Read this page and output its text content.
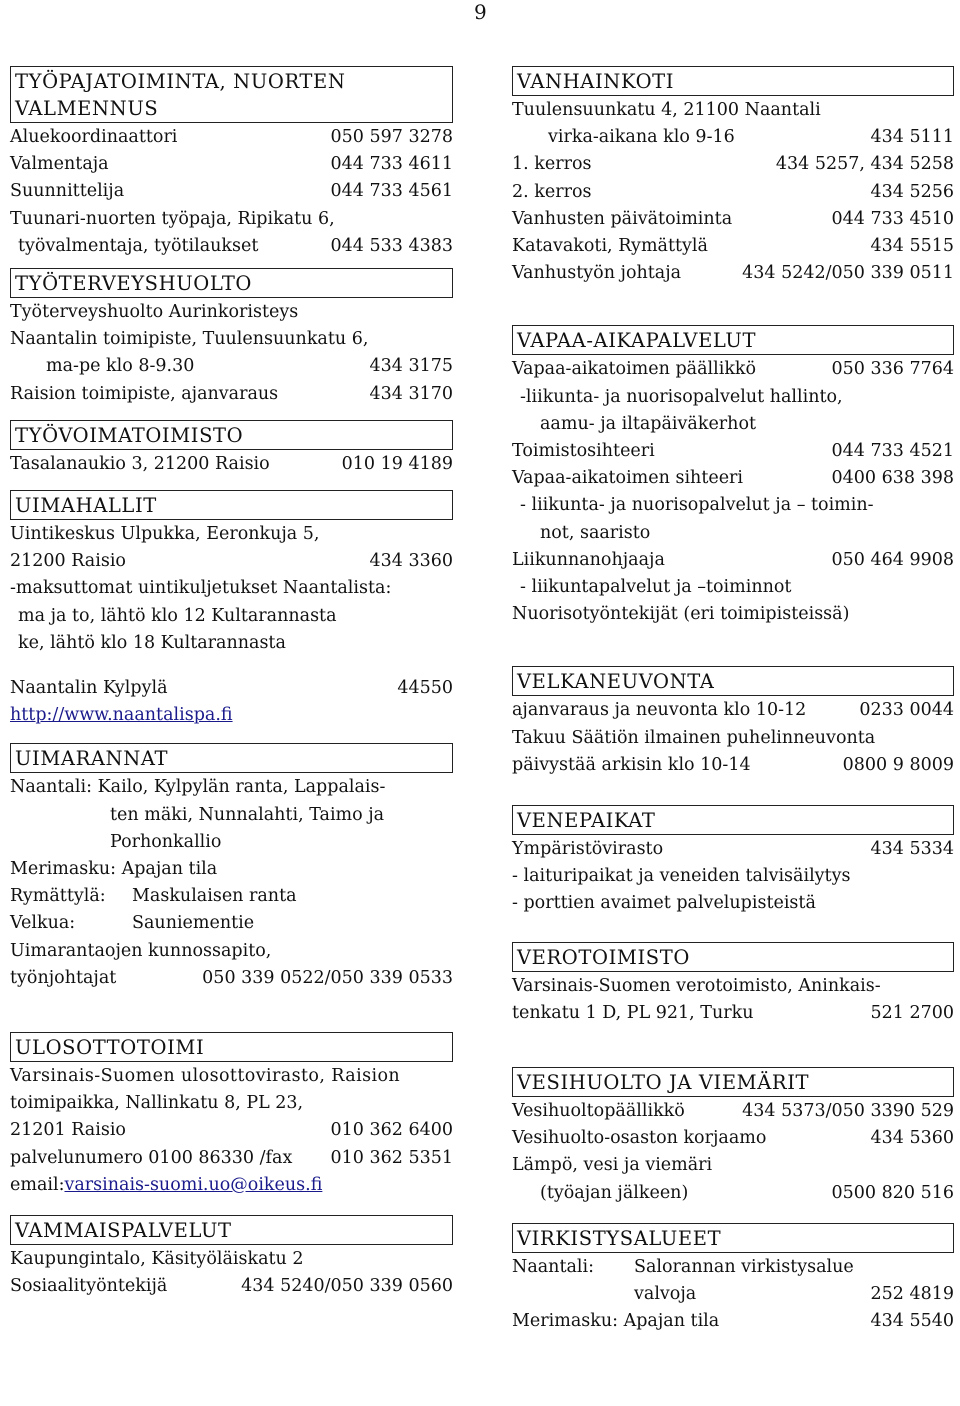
9
TYÖPAJATOIMINTA, NUORTEN
VALMENNUS
Aluekoordinaattori	050 597 3278
Valmentaja	044 733 4611
Suunnittelija	044 733 4561
Tuunari-nuorten työpaja, Ripikatu 6,
työvalmentaja, työtilaukset	044 533 4383
TYÖTERVEYSHUOLTO
Työterveyshuolto Aurinkoristeys
Naantalin toimipiste, Tuulensuunkatu 6,
ma-pe klo 8-9.30	434 3175
Raision toimipiste, ajanvaraus	434 3170
TYÖVOIMATOIMISTO
Tasalanaukio 3, 21200 Raisio	010 19 4189
UIMAHALLIT
Uintikeskus Ulpukka, Eeronkuja 5,
21200 Raisio	434 3360
-maksuttomat uintikuljetukset Naantalista:
ma ja to, lähtö klo 12 Kultarannasta
ke, lähtö klo 18 Kultarannasta
Naantalin Kylpylä	44550
http://www.naantalispa.fi
UIMARANNAT
Naantali: Kailo, Kylpylän ranta, Lappalais-
ten mäki, Nunnalahti, Taimo ja
Porhonkallio
Merimasku: Apajan tila
Rymättylä:	Maskulaisen ranta
Velkua:	Sauniementie
Uimarantaojen kunnossapito,
työnjohtajat	050 339 0522/050 339 0533
ULOSOTTOTOIMI
Varsinais-Suomen ulosottovirasto, Raision
toimipaikka, Nallinkatu 8, PL 23,
21201 Raisio	010 362 6400
palvelunumero 0100 86330 /fax 010 362 5351
email: varsinais-suomi.uo@oikeus.fi
VAMMAISPALVELUT
Kaupungintalo, Käsityöläiskatu 2
Sosiaalityöntekijä	434 5240/050 339 0560
VANHAINKOTI
Tuulensuunkatu 4, 21100 Naantali
virka-aikana klo 9-16	434 5111
1. kerros	434 5257, 434 5258
2. kerros	434 5256
Vanhusten päivätoiminta	044 733 4510
Katavakoti, Rymättylä	434 5515
Vanhustyön johtaja	434 5242/050 339 0511
VAPAA-AIKAPALVELUT
Vapaa-aikatoimen päällikkö	050 336 7764
-liikunta- ja nuorisopalvelut hallinto,
aamu- ja iltapäiväkerhot
Toimistosihteeri	044 733 4521
Vapaa-aikatoimen sihteeri	0400 638 398
- liikunta- ja nuorisopalvelut ja – toimin-
not, saaristo
Liikunnanohjaaja	050 464 9908
- liikuntapalvelut ja –toiminnot
Nuorisotyöntekijät (eri toimipisteissä)
VELKANEUVONTA
ajanvaraus ja neuvonta klo 10-12	0233 0044
Takuu Säätiön ilmainen puhelinneuvonta
päivystää arkisin klo 10-14	0800 9 8009
VENEPAIKAT
Ympäristövirasto	434 5334
- laituripaikat ja veneiden talvisäilytys
- porttien avaimet palvelupisteistä
VEROTOIMISTO
Varsinais-Suomen verotoimisto, Aninkais-
tenkatu 1 D, PL 921, Turku	521 2700
VESIHUOLTO JA VIEMÄRIT
Vesihuoltopäällikkö	434 5373/050 3390 529
Vesihuolto-osaston korjaamo	434 5360
Lämpö, vesi ja viemäri
(työajan jälkeen)	0500 820 516
VIRKISTYSALUEET
Naantali:	Salorannan virkistysalue
valvoja	252 4819
Merimasku: Apajan tila	434 5540
